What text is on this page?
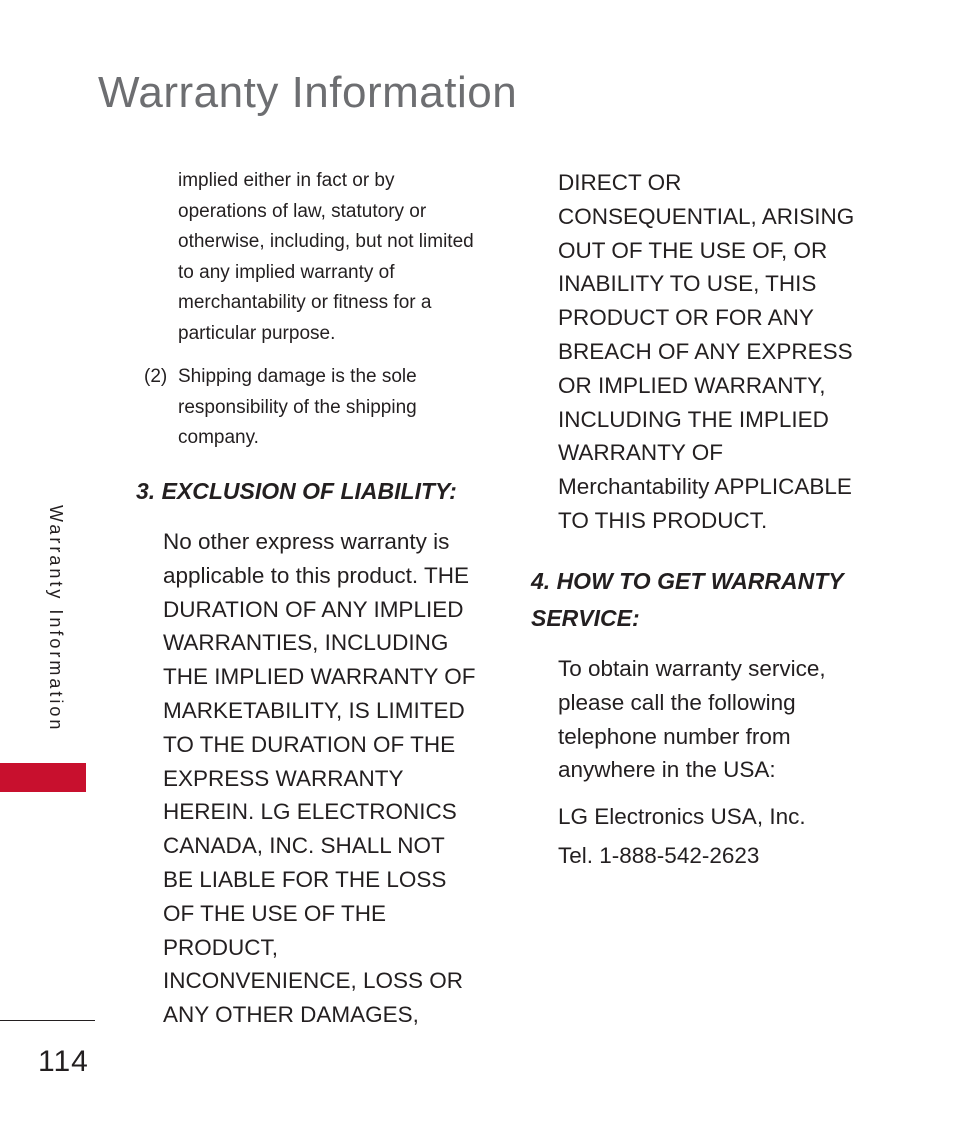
Warranty Information
Warranty Information

implied either in fact or by operations of law, statutory or otherwise, including, but not limited to any implied warranty of merchantability or fitness for a particular purpose.

(2) Shipping damage is the sole responsibility of the shipping company.

3. EXCLUSION OF LIABILITY:

No other express warranty is applicable to this product. THE DURATION OF ANY IMPLIED WARRANTIES, INCLUDING THE IMPLIED WARRANTY OF MARKETABILITY, IS LIMITED TO THE DURATION OF THE EXPRESS WARRANTY HEREIN. LG ELECTRONICS CANADA, INC. SHALL NOT BE LIABLE FOR THE LOSS OF THE USE OF THE PRODUCT, INCONVENIENCE, LOSS OR ANY OTHER DAMAGES,

DIRECT OR CONSEQUENTIAL, ARISING OUT OF THE USE OF, OR INABILITY TO USE, THIS PRODUCT OR FOR ANY BREACH OF ANY EXPRESS OR IMPLIED WARRANTY, INCLUDING THE IMPLIED WARRANTY OF Merchantability APPLICABLE TO THIS PRODUCT.

4. HOW TO GET WARRANTY SERVICE:

To obtain warranty service, please call the following telephone number from anywhere in the USA:

LG Electronics USA, Inc.

Tel. 1-888-542-2623

114
